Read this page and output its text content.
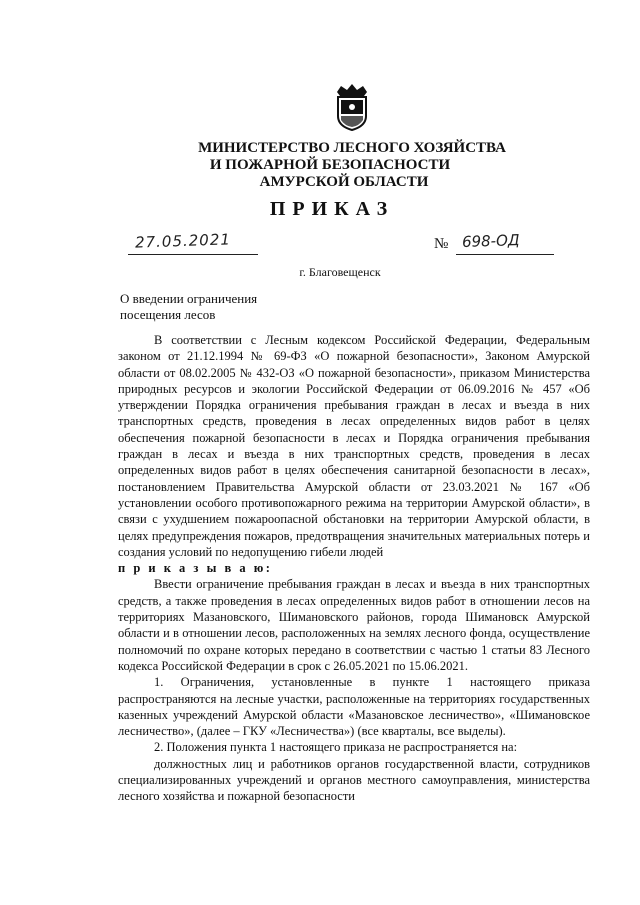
МИНИСТЕРСТВО ЛЕСНОГО ХОЗЯЙСТВА
И ПОЖАРНОЙ БЕЗОПАСНОСТИ
АМУРСКОЙ ОБЛАСТИ
ПРИКАЗ
27.05.2021	№ 698-ОД
г. Благовещенск
О введении ограничения
посещения лесов

В соответствии с Лесным кодексом Российской Федерации, Федеральным законом от 21.12.1994 № 69-ФЗ «О пожарной безопасности», Законом Амурской области от 08.02.2005 № 432-ОЗ «О пожарной безопасности», приказом Министерства природных ресурсов и экологии Российской Федерации от 06.09.2016 № 457 «Об утверждении Порядка ограничения пребывания граждан в лесах и въезда в них транспортных средств, проведения в лесах определенных видов работ в целях обеспечения пожарной безопасности в лесах и Порядка ограничения пребывания граждан в лесах и въезда в них транспортных средств, проведения в лесах определенных видов работ в целях обеспечения санитарной безопасности в лесах», постановлением Правительства Амурской области от 23.03.2021 № 167 «Об установлении особого противопожарного режима на территории Амурской области», в связи с ухудшением пожароопасной обстановки на территории Амурской области, в целях предупреждения пожаров, предотвращения значительных материальных потерь и создания условий по недопущению гибели людей

п р и к а з ы в а ю:

Ввести ограничение пребывания граждан в лесах и въезда в них транспортных средств, а также проведения в лесах определенных видов работ в отношении лесов на территориях Мазановского, Шимановского районов, города Шимановск Амурской области и в отношении лесов, расположенных на землях лесного фонда, осуществление полномочий по охране которых передано в соответствии с частью 1 статьи 83 Лесного кодекса Российской Федерации в срок с 26.05.2021 по 15.06.2021.

1. Ограничения, установленные в пункте 1 настоящего приказа распространяются на лесные участки, расположенные на территориях государственных казенных учреждений Амурской области «Мазановское лесничество», «Шимановское лесничество», (далее – ГКУ «Лесничества») (все кварталы, все выделы).

2. Положения пункта 1 настоящего приказа не распространяется на:

должностных лиц и работников органов государственной власти, сотрудников специализированных учреждений и органов местного самоуправления, министерства лесного хозяйства и пожарной безопасности
